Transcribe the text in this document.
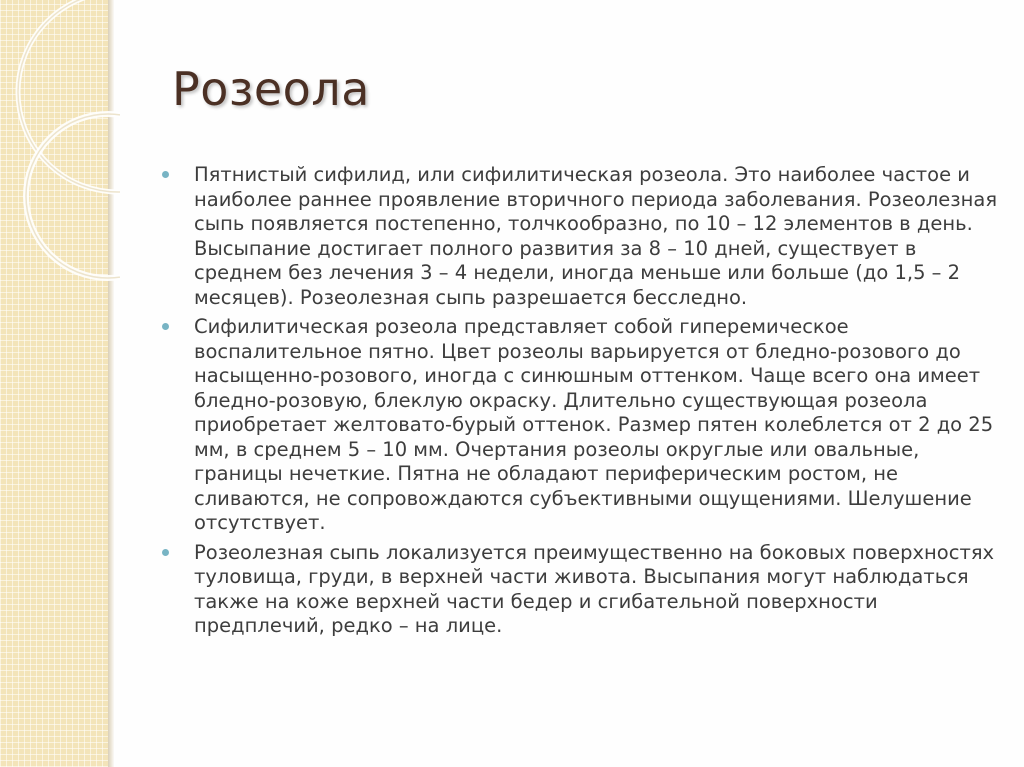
Розеола

Пятнистый сифилид, или сифилитическая розеола. Это наиболее частое и наиболее раннее проявление вторичного периода заболевания. Розеолезная сыпь появляется постепенно, толчкообразно, по 10 – 12 элементов в день. Высыпание достигает полного развития за 8 – 10 дней, существует в среднем без лечения 3 – 4 недели, иногда меньше или больше (до 1,5 – 2 месяцев). Розеолезная сыпь разрешается бесследно.

Сифилитическая розеола представляет собой гиперемическое воспалительное пятно. Цвет розеолы варьируется от бледно-розового до насыщенно-розового, иногда с синюшным оттенком. Чаще всего она имеет бледно-розовую, блеклую окраску. Длительно существующая розеола приобретает желтовато-бурый оттенок. Размер пятен колеблется от 2 до 25 мм, в среднем 5 – 10 мм. Очертания розеолы округлые или овальные, границы нечеткие. Пятна не обладают периферическим ростом, не сливаются, не сопровождаются субъективными ощущениями. Шелушение отсутствует.

Розеолезная сыпь локализуется преимущественно на боковых поверхностях туловища, груди, в верхней части живота. Высыпания могут наблюдаться также на коже верхней части бедер и сгибательной поверхности предплечий, редко – на лице.
